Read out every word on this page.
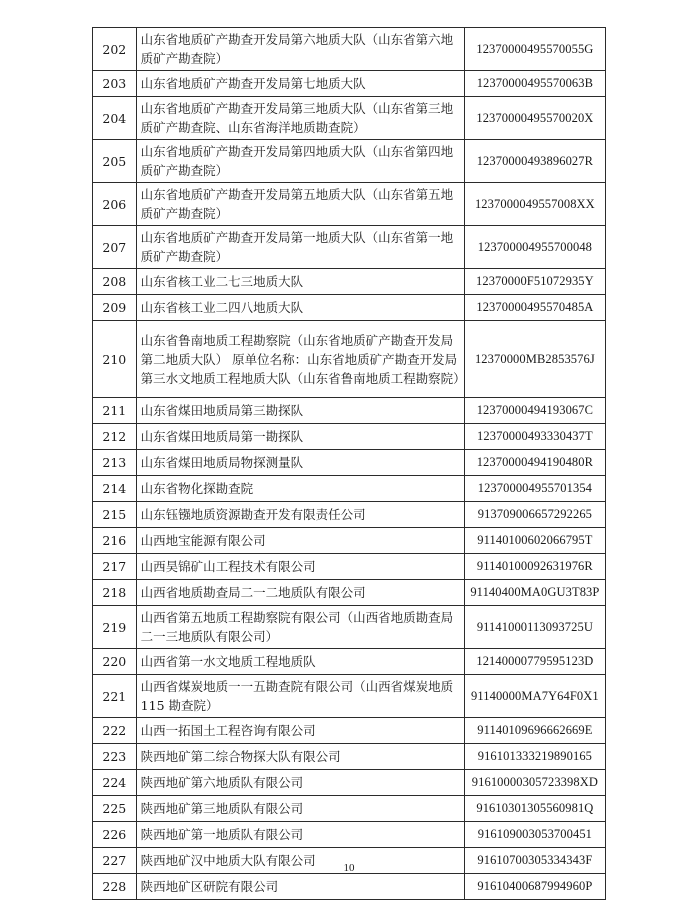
202	山东省地质矿产勘查开发局第六地质大队（山东省第六地质矿产勘查院）	12370000495570055G
203	山东省地质矿产勘查开发局第七地质大队	12370000495570063B
204	山东省地质矿产勘查开发局第三地质大队（山东省第三地质矿产勘查院、山东省海洋地质勘查院）	12370000495570020X
205	山东省地质矿产勘查开发局第四地质大队（山东省第四地质矿产勘查院）	12370000493896027R
206	山东省地质矿产勘查开发局第五地质大队（山东省第五地质矿产勘查院）	1237000049557008XX
207	山东省地质矿产勘查开发局第一地质大队（山东省第一地质矿产勘查院）	123700004955700048
208	山东省核工业二七三地质大队	12370000F51072935Y
209	山东省核工业二四八地质大队	12370000495570485A
210	山东省鲁南地质工程勘察院（山东省地质矿产勘查开发局第二地质大队） 原单位名称：山东省地质矿产勘查开发局第三水文地质工程地质大队（山东省鲁南地质工程勘察院）	12370000MB2853576J
211	山东省煤田地质局第三勘探队	12370000494193067C
212	山东省煤田地质局第一勘探队	12370000493330437T
213	山东省煤田地质局物探测量队	12370000494190480R
214	山东省物化探勘查院	123700004955701354
215	山东钰镪地质资源勘查开发有限责任公司	913709006657292265
216	山西地宝能源有限公司	91140100602066795T
217	山西昊锦矿山工程技术有限公司	91140100092631976R
218	山西省地质勘查局二一二地质队有限公司	91140400MA0GU3T83P
219	山西省第五地质工程勘察院有限公司（山西省地质勘查局二一三地质队有限公司）	91141000113093725U
220	山西省第一水文地质工程地质队	12140000779595123D
221	山西省煤炭地质一一五勘查院有限公司（山西省煤炭地质 115 勘查院）	91140000MA7Y64F0X1
222	山西一拓国土工程咨询有限公司	91140109696662669E
223	陕西地矿第二综合物探大队有限公司	916101333219890165
224	陕西地矿第六地质队有限公司	91610000305723398XD
225	陕西地矿第三地质队有限公司	91610301305560981Q
226	陕西地矿第一地质队有限公司	916109003053700451
227	陕西地矿汉中地质大队有限公司	91610700305334343F
228	陕西地矿区研院有限公司	91610400687994960P
10
